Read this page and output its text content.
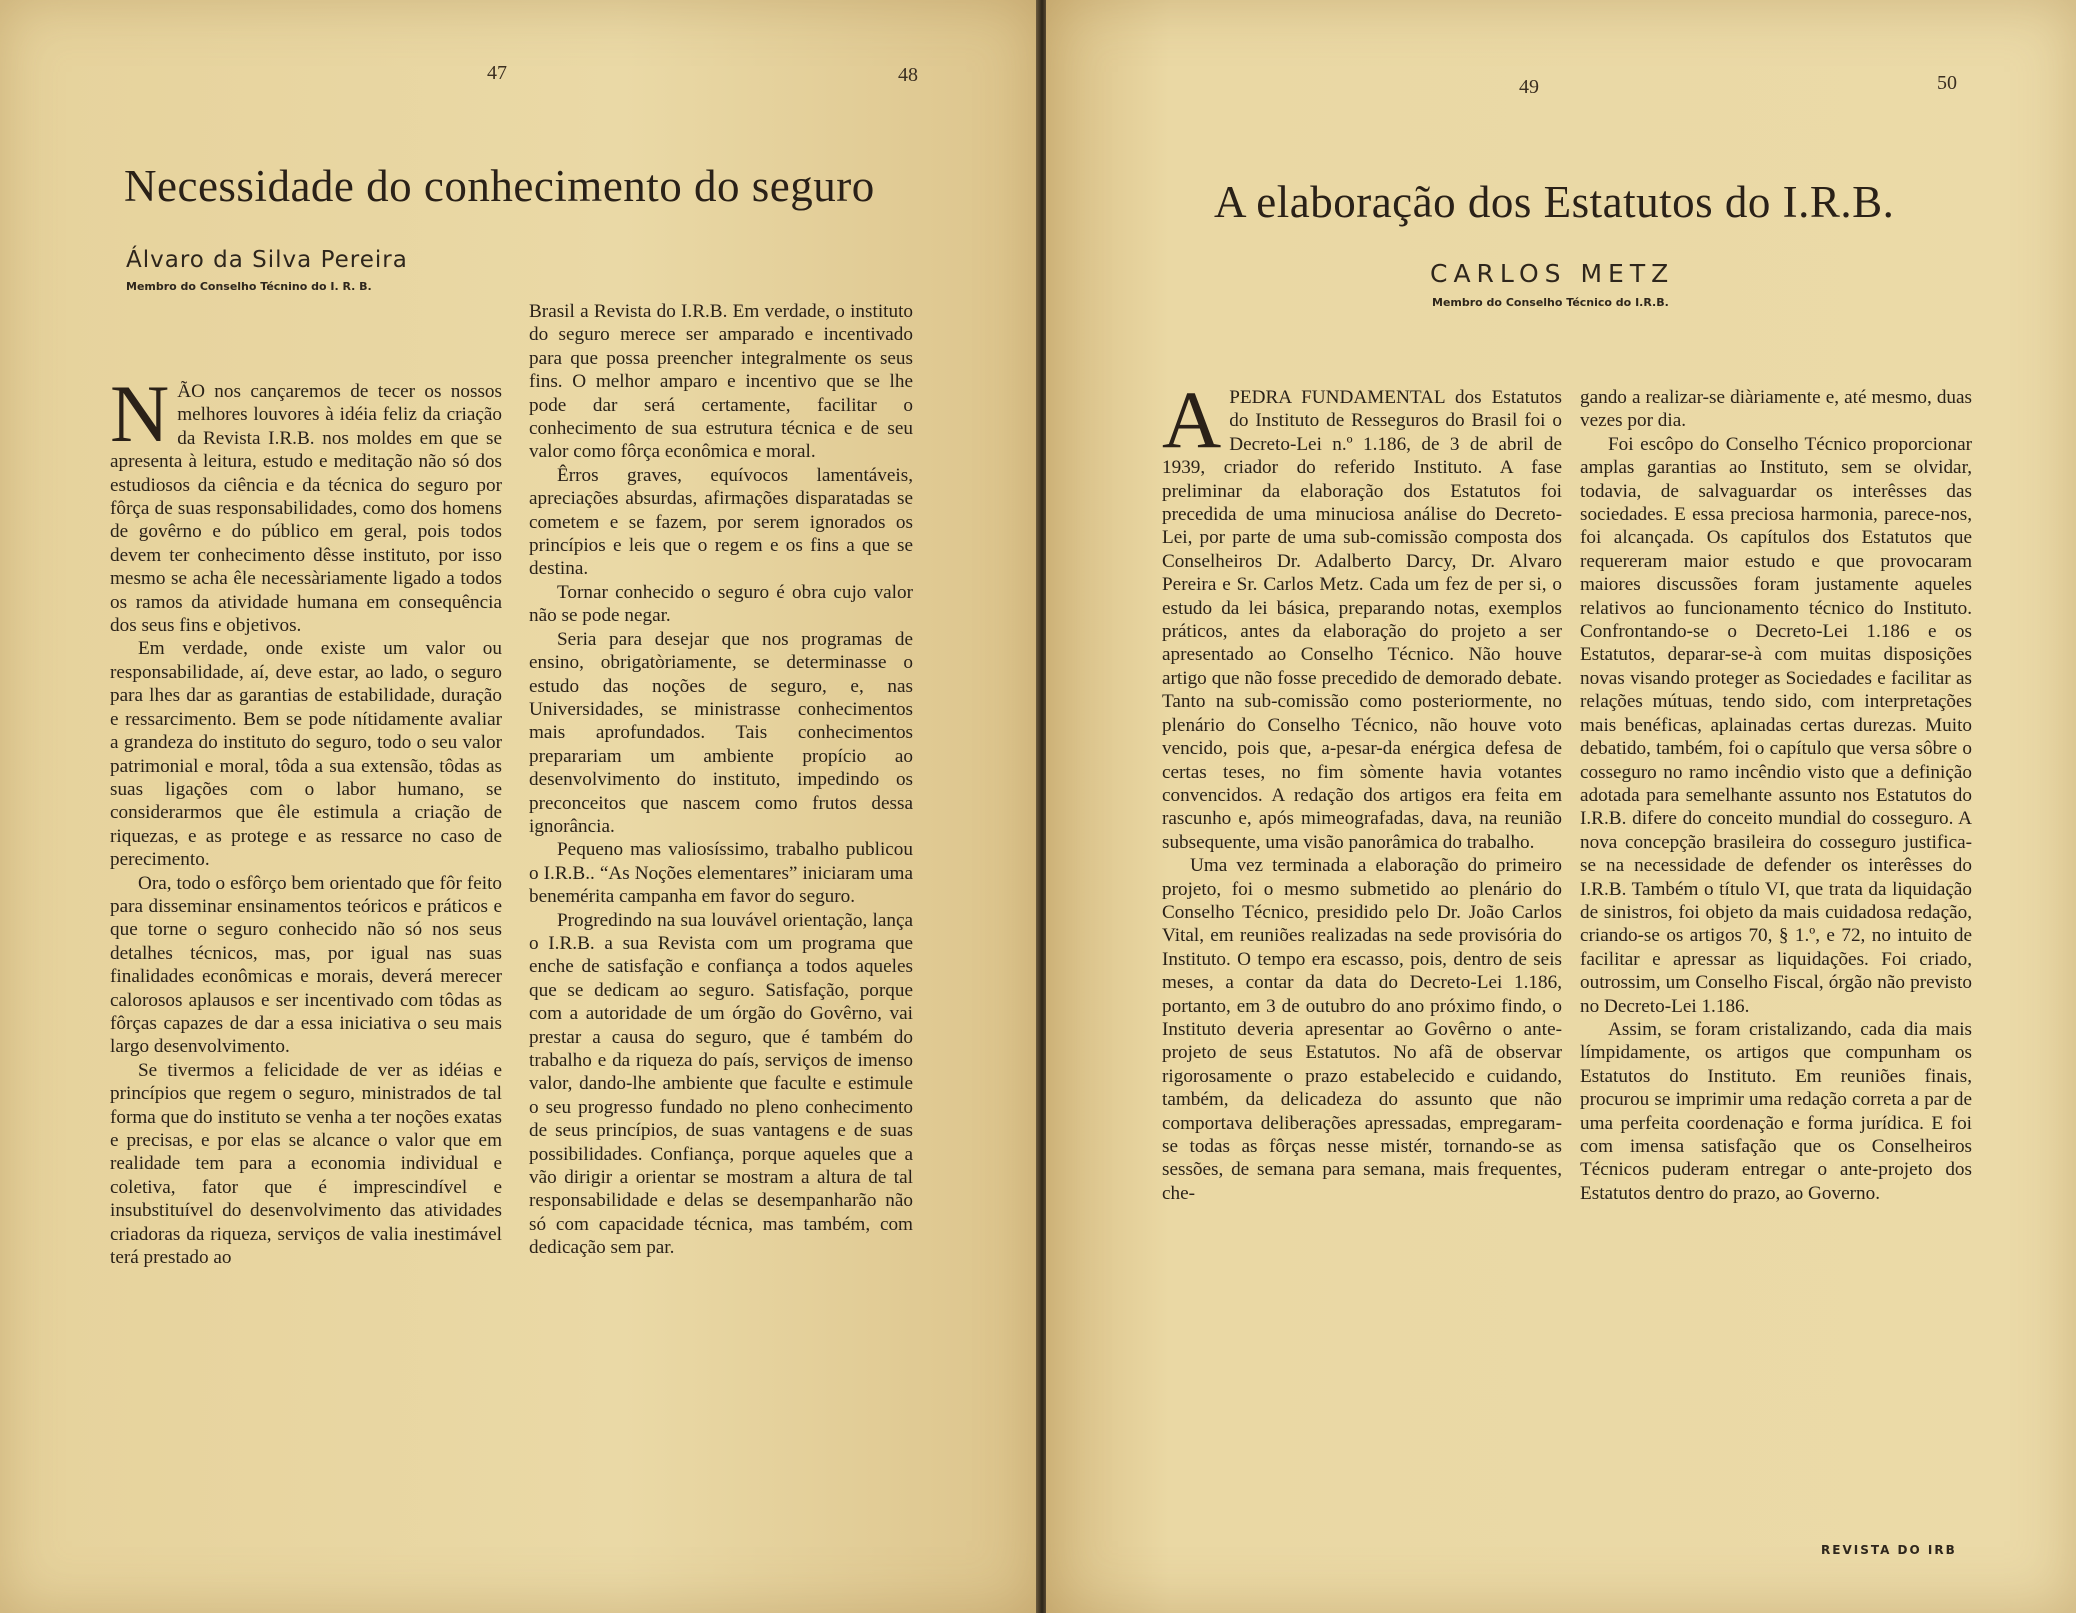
47	48
Necessidade do conhecimento do seguro
Álvaro da Silva Pereira
Membro do Conselho Técnino do I. R. B.

NÃO nos cançaremos de tecer os nossos melhores louvores à idéia feliz da criação da Revista I.R.B. nos moldes em que se apresenta à leitura, estudo e meditação não só dos estudiosos da ciência e da técnica do seguro por fôrça de suas responsabilidades, como dos homens de govêrno e do público em geral, pois todos devem ter conhecimento dêsse instituto, por isso mesmo se acha êle necessàriamente ligado a todos os ramos da atividade humana em consequência dos seus fins e objetivos.

Em verdade, onde existe um valor ou responsabilidade, aí, deve estar, ao lado, o seguro para lhes dar as garantias de estabilidade, duração e ressarcimento. Bem se pode nítidamente avaliar a grandeza do instituto do seguro, todo o seu valor patrimonial e moral, tôda a sua extensão, tôdas as suas ligações com o labor humano, se considerarmos que êle estimula a criação de riquezas, e as protege e as ressarce no caso de perecimento.

Ora, todo o esfôrço bem orientado que fôr feito para disseminar ensinamentos teóricos e práticos e que torne o seguro conhecido não só nos seus detalhes técnicos, mas, por igual nas suas finalidades econômicas e morais, deverá merecer calorosos aplausos e ser incentivado com tôdas as fôrças capazes de dar a essa iniciativa o seu mais largo desenvolvimento.

Se tivermos a felicidade de ver as idéias e princípios que regem o seguro, ministrados de tal forma que do instituto se venha a ter noções exatas e precisas, e por elas se alcance o valor que em realidade tem para a economia individual e coletiva, fator que é imprescindível e insubstituível do desenvolvimento das atividades criadoras da riqueza, serviços de valia inestimável terá prestado ao

Brasil a Revista do I.R.B. Em verdade, o instituto do seguro merece ser amparado e incentivado para que possa preencher integralmente os seus fins. O melhor amparo e incentivo que se lhe pode dar será certamente, facilitar o conhecimento de sua estrutura técnica e de seu valor como fôrça econômica e moral.

Êrros graves, equívocos lamentáveis, apreciações absurdas, afirmações disparatadas se cometem e se fazem, por serem ignorados os princípios e leis que o regem e os fins a que se destina.

Tornar conhecido o seguro é obra cujo valor não se pode negar.

Seria para desejar que nos programas de ensino, obrigatòriamente, se determinasse o estudo das noções de seguro, e, nas Universidades, se ministrasse conhecimentos mais aprofundados. Tais conhecimentos preparariam um ambiente propício ao desenvolvimento do instituto, impedindo os preconceitos que nascem como frutos dessa ignorância.

Pequeno mas valiosíssimo, trabalho publicou o I.R.B.. “As Noções elementares” iniciaram uma benemérita campanha em favor do seguro.

Progredindo na sua louvável orientação, lança o I.R.B. a sua Revista com um programa que enche de satisfação e confiança a todos aqueles que se dedicam ao seguro. Satisfação, porque com a autoridade de um órgão do Govêrno, vai prestar a causa do seguro, que é também do trabalho e da riqueza do país, serviços de imenso valor, dando-lhe ambiente que faculte e estimule o seu progresso fundado no pleno conhecimento de seus princípios, de suas vantagens e de suas possibilidades. Confiança, porque aqueles que a vão dirigir a orientar se mostram a altura de tal responsabilidade e delas se desempanharão não só com capacidade técnica, mas também, com dedicação sem par.

49	50
A elaboração dos Estatutos do I.R.B.
CARLOS METZ
Membro do Conselho Técnico do I.R.B.

APEDRA FUNDAMENTAL dos Estatutos do Instituto de Resseguros do Brasil foi o Decreto-Lei n.º 1.186, de 3 de abril de 1939, criador do referido Instituto. A fase preliminar da elaboração dos Estatutos foi precedida de uma minuciosa análise do Decreto-Lei, por parte de uma sub-comissão composta dos Conselheiros Dr. Adalberto Darcy, Dr. Alvaro Pereira e Sr. Carlos Metz. Cada um fez de per si, o estudo da lei básica, preparando notas, exemplos práticos, antes da elaboração do projeto a ser apresentado ao Conselho Técnico. Não houve artigo que não fosse precedido de demorado debate. Tanto na sub-comissão como posteriormente, no plenário do Conselho Técnico, não houve voto vencido, pois que, a-pesar-da enérgica defesa de certas teses, no fim sòmente havia votantes convencidos. A redação dos artigos era feita em rascunho e, após mimeografadas, dava, na reunião subsequente, uma visão panorâmica do trabalho.

Uma vez terminada a elaboração do primeiro projeto, foi o mesmo submetido ao plenário do Conselho Técnico, presidido pelo Dr. João Carlos Vital, em reuniões realizadas na sede provisória do Instituto. O tempo era escasso, pois, dentro de seis meses, a contar da data do Decreto-Lei 1.186, portanto, em 3 de outubro do ano próximo findo, o Instituto deveria apresentar ao Govêrno o ante-projeto de seus Estatutos. No afã de observar rigorosamente o prazo estabelecido e cuidando, também, da delicadeza do assunto que não comportava deliberações apressadas, empregaram-se todas as fôrças nesse mistér, tornando-se as sessões, de semana para semana, mais frequentes, che-

gando a realizar-se diàriamente e, até mesmo, duas vezes por dia.

Foi escôpo do Conselho Técnico proporcionar amplas garantias ao Instituto, sem se olvidar, todavia, de salvaguardar os interêsses das sociedades. E essa preciosa harmonia, parece-nos, foi alcançada. Os capítulos dos Estatutos que requereram maior estudo e que provocaram maiores discussões foram justamente aqueles relativos ao funcionamento técnico do Instituto. Confrontando-se o Decreto-Lei 1.186 e os Estatutos, deparar-se-à com muitas disposições novas visando proteger as Sociedades e facilitar as relações mútuas, tendo sido, com interpretações mais benéficas, aplainadas certas durezas. Muito debatido, também, foi o capítulo que versa sôbre o cosseguro no ramo incêndio visto que a definição adotada para semelhante assunto nos Estatutos do I.R.B. difere do conceito mundial do cosseguro. A nova concepção brasileira do cosseguro justifica-se na necessidade de defender os interêsses do I.R.B. Também o título VI, que trata da liquidação de sinistros, foi objeto da mais cuidadosa redação, criando-se os artigos 70, § 1.º, e 72, no intuito de facilitar e apressar as liquidações. Foi criado, outrossim, um Conselho Fiscal, órgão não previsto no Decreto-Lei 1.186.

Assim, se foram cristalizando, cada dia mais límpidamente, os artigos que compunham os Estatutos do Instituto. Em reuniões finais, procurou se imprimir uma redação correta a par de uma perfeita coordenação e forma jurídica. E foi com imensa satisfação que os Conselheiros Técnicos puderam entregar o ante-projeto dos Estatutos dentro do prazo, ao Governo.

REVISTA DO IRB
